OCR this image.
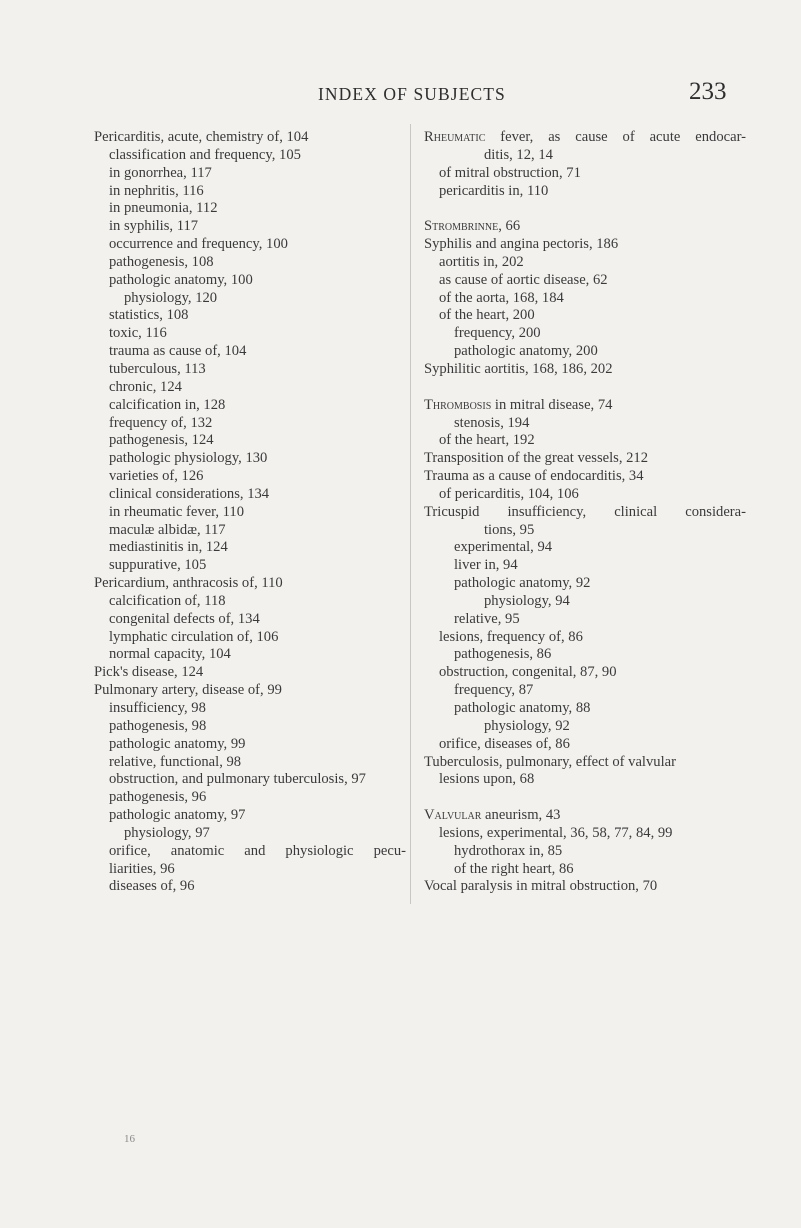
INDEX OF SUBJECTS	233
Pericarditis, acute, chemistry of, 104
classification and frequency, 105
in gonorrhea, 117
in nephritis, 116
in pneumonia, 112
in syphilis, 117
occurrence and frequency, 100
pathogenesis, 108
pathologic anatomy, 100
physiology, 120
statistics, 108
toxic, 116
trauma as cause of, 104
tuberculous, 113
chronic, 124
calcification in, 128
frequency of, 132
pathogenesis, 124
pathologic physiology, 130
varieties of, 126
clinical considerations, 134
in rheumatic fever, 110
maculæ albidæ, 117
mediastinitis in, 124
suppurative, 105
Pericardium, anthracosis of, 110
calcification of, 118
congenital defects of, 134
lymphatic circulation of, 106
normal capacity, 104
Pick's disease, 124
Pulmonary artery, disease of, 99
insufficiency, 98
pathogenesis, 98
pathologic anatomy, 99
relative, functional, 98
obstruction, and pulmonary tuberculosis, 97
pathogenesis, 96
pathologic anatomy, 97
physiology, 97
orifice, anatomic and physiologic pecu-
liarities, 96
diseases of, 96
Rheumatic fever, as cause of acute endocar-
ditis, 12, 14
of mitral obstruction, 71
pericarditis in, 110
Strombrinne, 66
Syphilis and angina pectoris, 186
aortitis in, 202
as cause of aortic disease, 62
of the aorta, 168, 184
of the heart, 200
frequency, 200
pathologic anatomy, 200
Syphilitic aortitis, 168, 186, 202
Thrombosis in mitral disease, 74
stenosis, 194
of the heart, 192
Transposition of the great vessels, 212
Trauma as a cause of endocarditis, 34
of pericarditis, 104, 106
Tricuspid insufficiency, clinical considera-
tions, 95
experimental, 94
liver in, 94
pathologic anatomy, 92
physiology, 94
relative, 95
lesions, frequency of, 86
pathogenesis, 86
obstruction, congenital, 87, 90
frequency, 87
pathologic anatomy, 88
physiology, 92
orifice, diseases of, 86
Tuberculosis, pulmonary, effect of valvular
lesions upon, 68
Valvular aneurism, 43
lesions, experimental, 36, 58, 77, 84, 99
hydrothorax in, 85
of the right heart, 86
Vocal paralysis in mitral obstruction, 70
16
